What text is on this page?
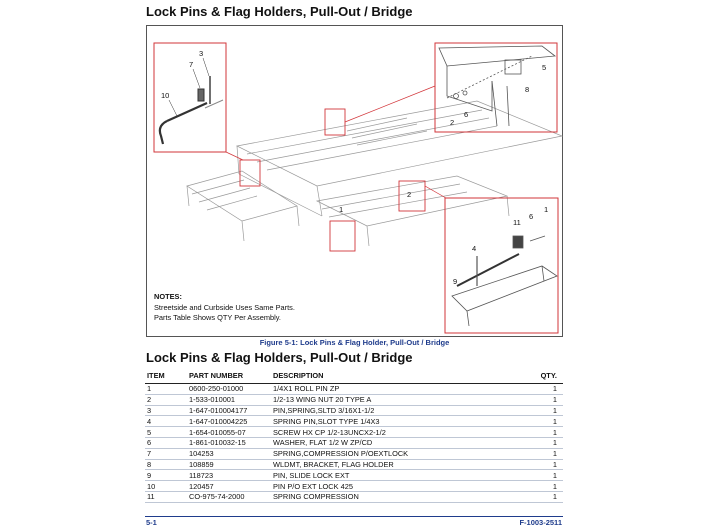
Lock Pins & Flag Holders, Pull-Out / Bridge
3
7
10
5
8
2
6
11
6
1
4
9
1
2
NOTES:
Streetside and Curbside Uses Same Parts.
Parts Table Shows QTY Per Assembly.
Figure 5-1: Lock Pins & Flag Holder, Pull-Out / Bridge
Lock Pins & Flag Holders, Pull-Out / Bridge
ITEM	PART NUMBER	DESCRIPTION	QTY.
1	0600-250-01000	1/4X1 ROLL PIN ZP	1
2	1-533-010001	1/2-13 WING NUT 20 TYPE A	1
3	1-647-010004177	PIN,SPRING,SLTD 3/16X1-1/2	1
4	1-647-010004225	SPRING PIN,SLOT TYPE 1/4X3	1
5	1-654-010055-07	SCREW HX CP 1/2-13UNCX2-1/2	1
6	1-861-010032-15	WASHER, FLAT 1/2 W ZP/CD	1
7	104253	SPRING,COMPRESSION P/OEXTLOCK	1
8	108859	WLDMT, BRACKET, FLAG HOLDER	1
9	118723	PIN, SLIDE LOCK EXT	1
10	120457	PIN P/O EXT LOCK 425	1
11	CO-975-74-2000	SPRING COMPRESSION	1
5-1	F-1003-2511
